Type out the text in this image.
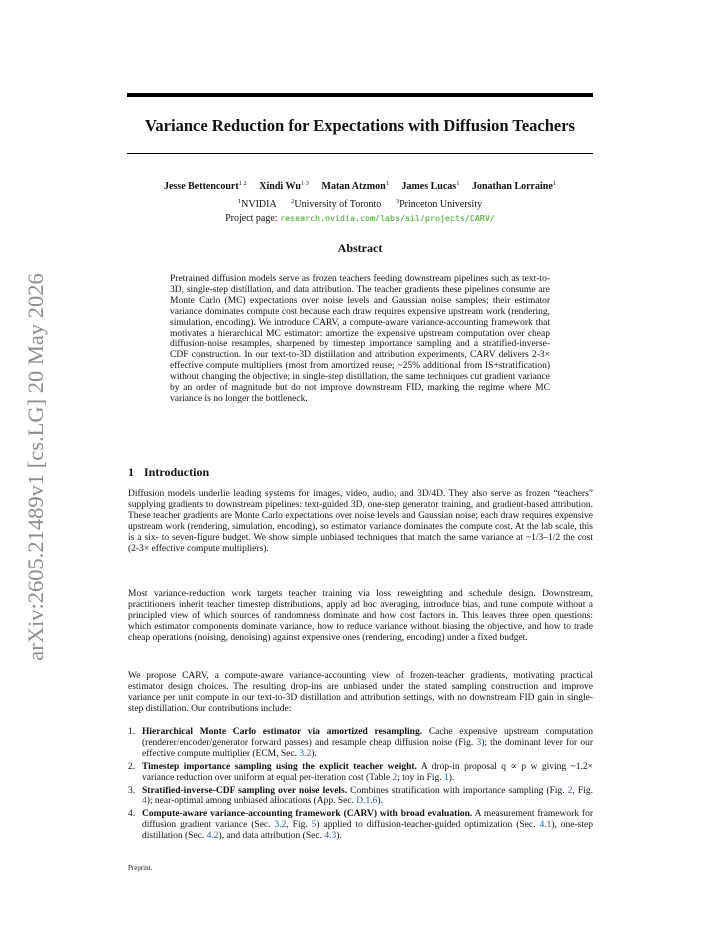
arXiv:2605.21489v1 [cs.LG] 20 May 2026
Variance Reduction for Expectations with Diffusion Teachers
Jesse Bettencourt$^{1 2}$ Xindi $Wu^{1 3}$ Matan Atzmon$^1$ James Lucas$^1$ Jonathan Lorraine$^1$
$^1$NVIDIA $^2$University of Toronto $^3$Princeton University
Project page: research.nvidia.com/labs/sil/projects/CARV/
Abstract
Pretrained diffusion models serve as frozen teachers feeding downstream pipelines such as text-to-3D, single-step distillation, and data attribution. The teacher gradients these pipelines consume are Monte Carlo (MC) expectations over noise levels and Gaussian noise samples; their estimator variance dominates compute cost because each draw requires expensive upstream work (rendering, simulation, encoding). We introduce CARV, a compute-aware variance-accounting framework that motivates a hierarchical MC estimator: amortize the expensive upstream computation over cheap diffusion-noise resamples, sharpened by timestep importance sampling and a stratified-inverse-CDF construction. In our text-to-3D distillation and attribution experiments, CARV delivers 2-3× effective compute multipliers (most from amortized reuse; ~25% additional from IS+stratification) without changing the objective; in single-step distillation, the same techniques cut gradient variance by an order of magnitude but do not improve downstream FID, marking the regime where MC variance is no longer the bottleneck.
1 Introduction
Diffusion models underlie leading systems for images, video, audio, and 3D/4D. They also serve as frozen “teachers” supplying gradients to downstream pipelines: text-guided 3D, one-step generator training, and gradient-based attribution. These teacher gradients are Monte Carlo expectations over noise levels and Gaussian noise; each draw requires expensive upstream work (rendering, simulation, encoding), so estimator variance dominates the compute cost. At the lab scale, this is a six- to seven-figure budget. We show simple unbiased techniques that match the same variance at ~1/3–1/2 the cost (2-3× effective compute multipliers).
Most variance-reduction work targets teacher training via loss reweighting and schedule design. Downstream, practitioners inherit teacher timestep distributions, apply ad hoc averaging, introduce bias, and tune compute without a principled view of which sources of randomness dominate and how cost factors in. This leaves three open questions: which estimator components dominate variance, how to reduce variance without biasing the objective, and how to trade cheap operations (noising, denoising) against expensive ones (rendering, encoding) under a fixed budget.
We propose CARV, a compute-aware variance-accounting view of frozen-teacher gradients, motivating practical estimator design choices. The resulting drop-ins are unbiased under the stated sampling construction and improve variance per unit compute in our text-to-3D distillation and attribution settings, with no downstream FID gain in single-step distillation. Our contributions include:
1. Hierarchical Monte Carlo estimator via amortized resampling. Cache expensive upstream computation (renderer/encoder/generator forward passes) and resample cheap diffusion noise (Fig. 3); the dominant lever for our effective compute multiplier (ECM, Sec. 3.2).
2. Timestep importance sampling using the explicit teacher weight. A drop-in proposal q ∝ p w giving ~1.2× variance reduction over uniform at equal per-iteration cost (Table 2; toy in Fig. 1).
3. Stratified-inverse-CDF sampling over noise levels. Combines stratification with importance sampling (Fig. 2, Fig. 4); near-optimal among unbiased allocations (App. Sec. D.1.6).
4. Compute-aware variance-accounting framework (CARV) with broad evaluation. A measurement framework for diffusion gradient variance (Sec. 3.2, Fig. 5) applied to diffusion-teacher-guided optimization (Sec. 4.1), one-step distillation (Sec. 4.2), and data attribution (Sec. 4.3).
Preprint.
